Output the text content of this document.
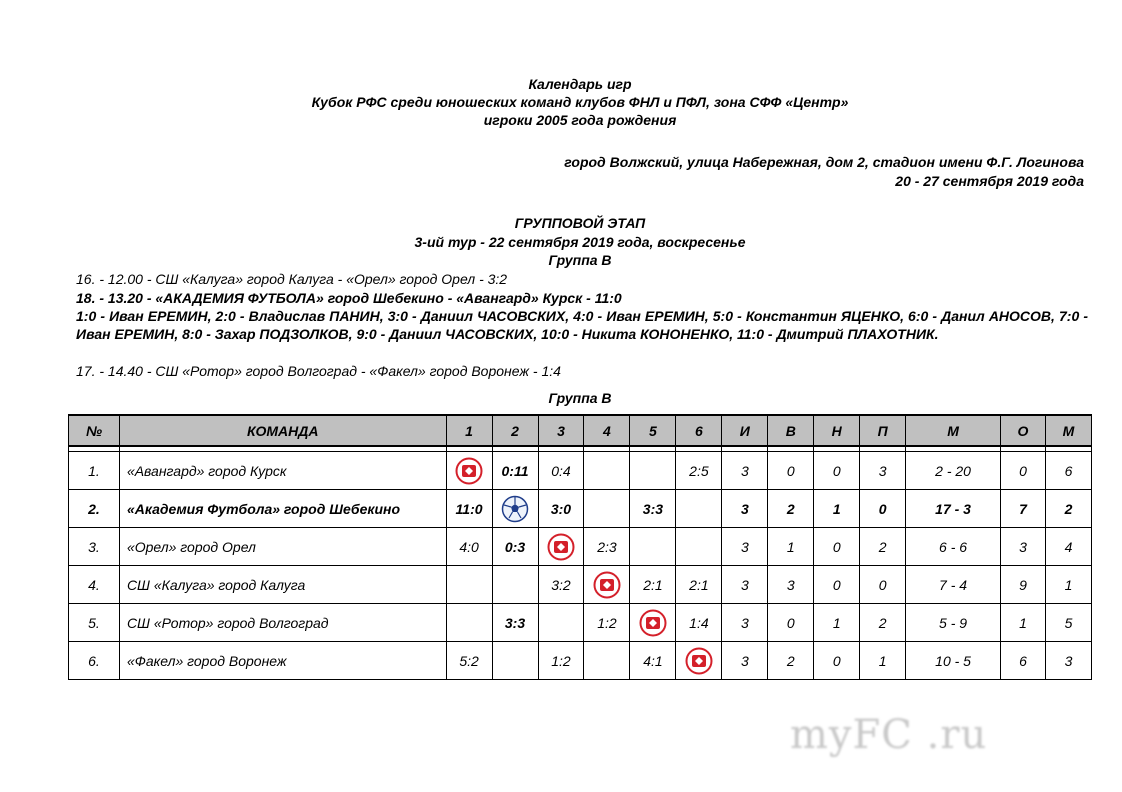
Календарь игр
Кубок РФС среди юношеских команд клубов ФНЛ и ПФЛ, зона СФФ «Центр»
игроки 2005 года рождения
город Волжский, улица Набережная, дом 2, стадион имени Ф.Г. Логинова
20 - 27 сентября 2019 года
ГРУППОВОЙ ЭТАП
3-ий тур - 22 сентября 2019 года, воскресенье
Группа B
16. - 12.00 - СШ «Калуга» город Калуга - «Орел» город Орел - 3:2
18. - 13.20 - «АКАДЕМИЯ ФУТБОЛА» город Шебекино - «Авангард» Курск - 11:0
1:0 - Иван ЕРЕМИН, 2:0 - Владислав ПАНИН, 3:0 - Даниил ЧАСОВСКИХ, 4:0 - Иван ЕРЕМИН, 5:0 - Константин ЯЦЕНКО, 6:0 - Данил АНОСОВ, 7:0 - Иван ЕРЕМИН, 8:0 - Захар ПОДЗОЛКОВ, 9:0 - Даниил ЧАСОВСКИХ, 10:0 - Никита КОНОНЕНКО, 11:0 - Дмитрий ПЛАХОТНИК.
17. - 14.40 - СШ «Ротор» город Волгоград - «Факел» город Воронеж - 1:4
Группа B
№	КОМАНДА	1	2	3	4	5	6	И	В	Н	П	М	О	М

1.	«Авангард» город Курск		0:11	0:4			2:5	3	0	0	3	2 - 20	0	6
2.	«Академия Футбола» город Шебекино	11:0		3:0		3:3		3	2	1	0	17 - 3	7	2
3.	«Орел» город Орел	4:0	0:3		2:3			3	1	0	2	6 - 6	3	4
4.	СШ «Калуга» город Калуга			3:2		2:1	2:1	3	3	0	0	7 - 4	9	1
5.	СШ «Ротор» город Волгоград		3:3		1:2		1:4	3	0	1	2	5 - 9	1	5
6.	«Факел» город Воронеж	5:2		1:2		4:1		3	2	0	1	10 - 5	6	3
myFC .ru
